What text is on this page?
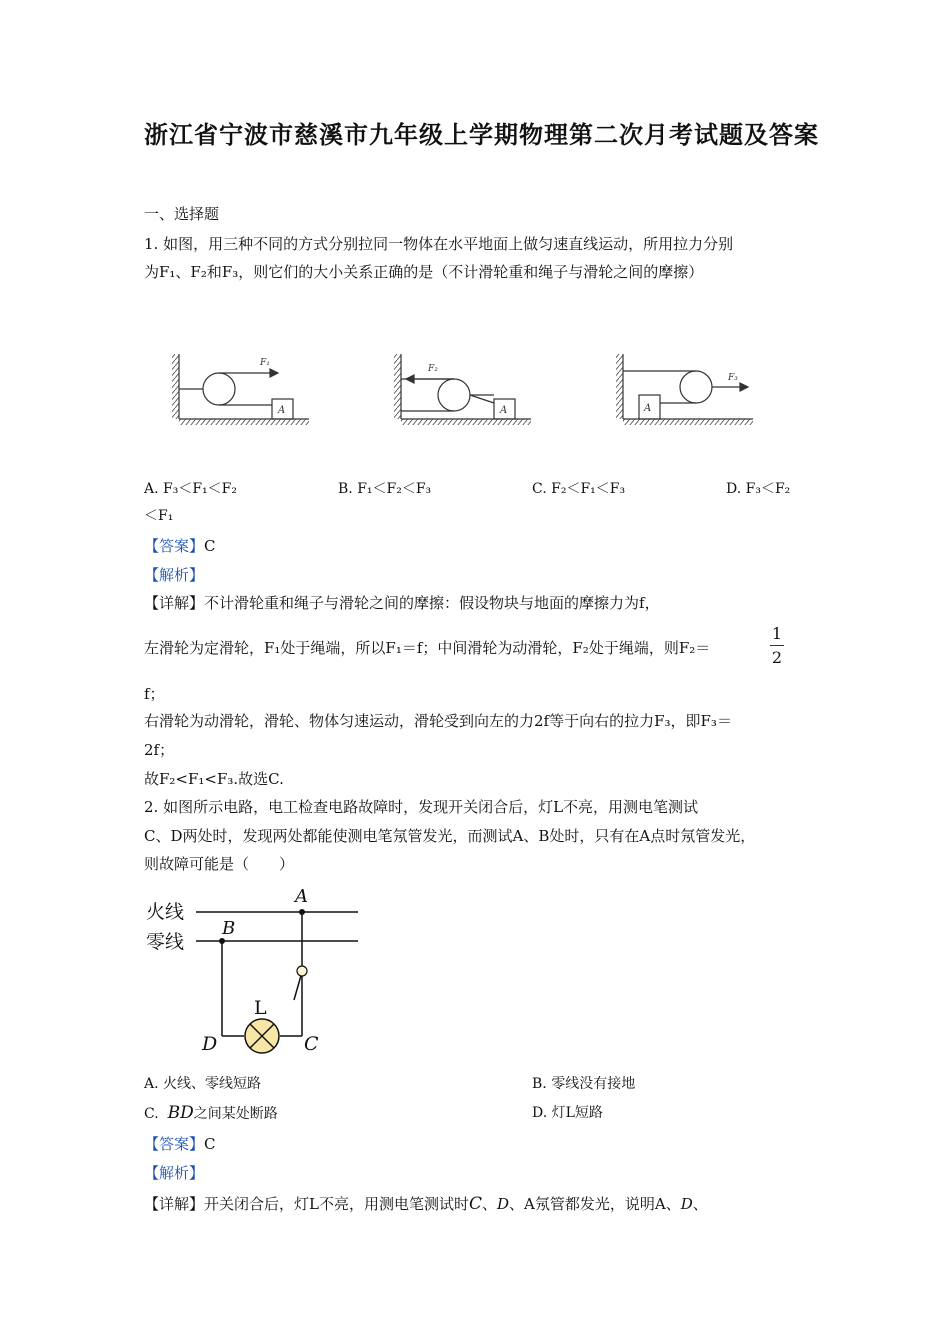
浙江省宁波市慈溪市九年级上学期物理第二次月考试题及答案
一、选择题
1. 如图，用三种不同的方式分别拉同一物体在水平地面上做匀速直线运动，所用拉力分别
为F₁、F₂和F₃，则它们的大小关系正确的是（不计滑轮重和绳子与滑轮之间的摩擦）
A
F₁
A
F₂
A
F₃
A. F₃＜F₁＜F₂	B. F₁＜F₂＜F₃	C. F₂＜F₁＜F₃	D. F₃＜F₂
＜F₁
【答案】C
【解析】
【详解】不计滑轮重和绳子与滑轮之间的摩擦：假设物块与地面的摩擦力为f，
左滑轮为定滑轮，F₁处于绳端，所以F₁＝f；中间滑轮为动滑轮，F₂处于绳端，则F₂＝
1
2
f；
右滑轮为动滑轮，滑轮、物体匀速运动，滑轮受到向左的力2f等于向右的拉力F₃，即F₃＝
2f；
故F₂<F₁<F₃.故选C.
2. 如图所示电路，电工检查电路故障时，发现开关闭合后，灯L不亮，用测电笔测试
C、D两处时，发现两处都能使测电笔氖管发光，而测试A、B处时，只有在A点时氖管发光，
则故障可能是（　　）
火线
零线
A
B
L
D	C
A. 火线、零线短路	B. 零线没有接地
C. BD之间某处断路	D. 灯L短路
【答案】C
【解析】
【详解】开关闭合后，灯L不亮，用测电笔测试时C、D、A氖管都发光，说明A、D、
